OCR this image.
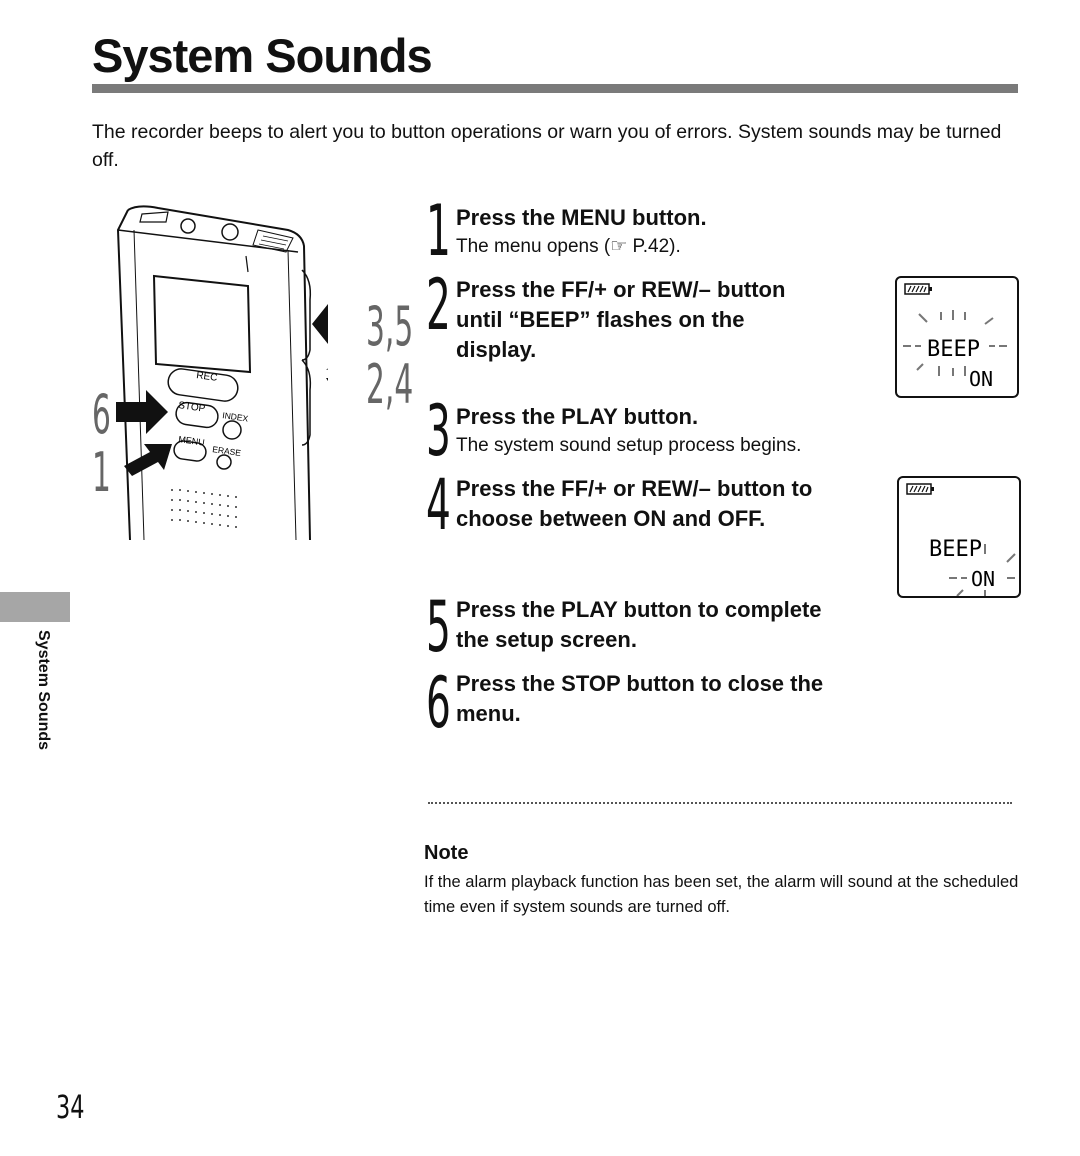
System Sounds

The recorder beeps to alert you to button operations or warn you of errors. System sounds may be turned off.

REC
STOP
INDEX
MENU
ERASE
3,5
2,4
6
1
1 Press the MENU button.

The menu opens (☞ P.42).

2 Press the FF/+ or REW/– button
until “BEEP” flashes on the
display.	BEEP
ON
3 Press the PLAY button.

The system sound setup process begins.

4 Press the FF/+ or REW/– button to
choose between ON and OFF.

BEEP
ON
5 Press the PLAY button to complete
the setup screen.

6 Press the STOP button to close the
menu.

Note

If the alarm playback function has been set, the alarm will sound at the scheduled time even if system sounds are turned off.

System Sounds

34
